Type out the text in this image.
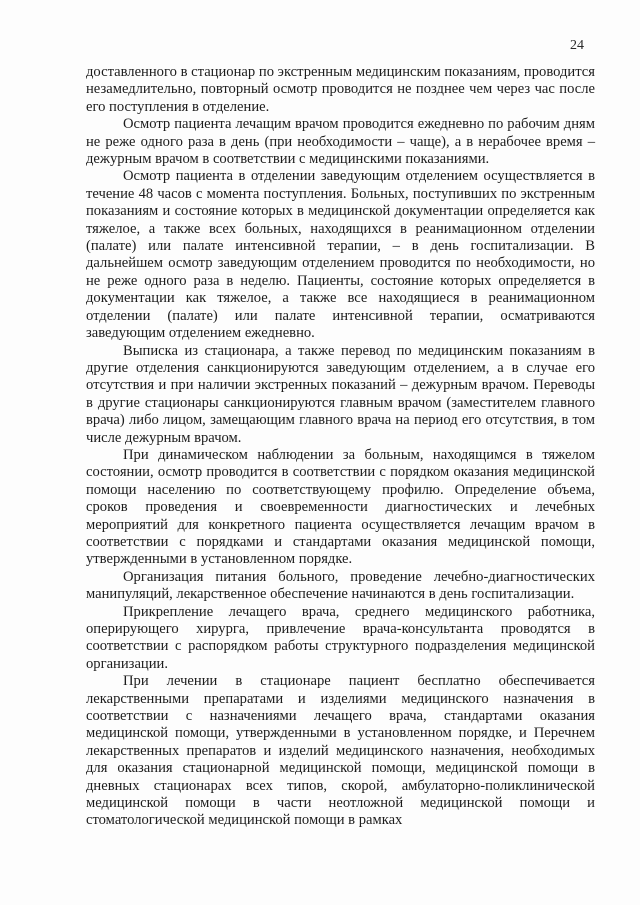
24

доставленного в стационар по экстренным медицинским показаниям, проводится незамедлительно, повторный осмотр проводится не позднее чем через час после его поступления в отделение.

Осмотр пациента лечащим врачом проводится ежедневно по рабочим дням не реже одного раза в день (при необходимости – чаще), а в нерабочее время – дежурным врачом в соответствии с медицинскими показаниями.

Осмотр пациента в отделении заведующим отделением осуществляется в течение 48 часов с момента поступления. Больных, поступивших по экстренным показаниям и состояние которых в медицинской документации определяется как тяжелое, а также всех больных, находящихся в реанимационном отделении (палате) или палате интенсивной терапии, – в день госпитализации. В дальнейшем осмотр заведующим отделением проводится по необходимости, но не реже одного раза в неделю. Пациенты, состояние которых определяется в документации как тяжелое, а также все находящиеся в реанимационном отделении (палате) или палате интенсивной терапии, осматриваются заведующим отделением ежедневно.

Выписка из стационара, а также перевод по медицинским показаниям в другие отделения санкционируются заведующим отделением, а в случае его отсутствия и при наличии экстренных показаний – дежурным врачом. Переводы в другие стационары санкционируются главным врачом (заместителем главного врача) либо лицом, замещающим главного врача на период его отсутствия, в том числе дежурным врачом.

При динамическом наблюдении за больным, находящимся в тяжелом состоянии, осмотр проводится в соответствии с порядком оказания медицинской помощи населению по соответствующему профилю. Определение объема, сроков проведения и своевременности диагностических и лечебных мероприятий для конкретного пациента осуществляется лечащим врачом в соответствии с порядками и стандартами оказания медицинской помощи, утвержденными в установленном порядке.

Организация питания больного, проведение лечебно-диагностических манипуляций, лекарственное обеспечение начинаются в день госпитализации.

Прикрепление лечащего врача, среднего медицинского работника, оперирующего хирурга, привлечение врача-консультанта проводятся в соответствии с распорядком работы структурного подразделения медицинской организации.

При лечении в стационаре пациент бесплатно обеспечивается лекарственными препаратами и изделиями медицинского назначения в соответствии с назначениями лечащего врача, стандартами оказания медицинской помощи, утвержденными в установленном порядке, и Перечнем лекарственных препаратов и изделий медицинского назначения, необходимых для оказания стационарной медицинской помощи, медицинской помощи в дневных стационарах всех типов, скорой, амбулаторно-поликлинической медицинской помощи в части неотложной медицинской помощи и стоматологической медицинской помощи в рамках
